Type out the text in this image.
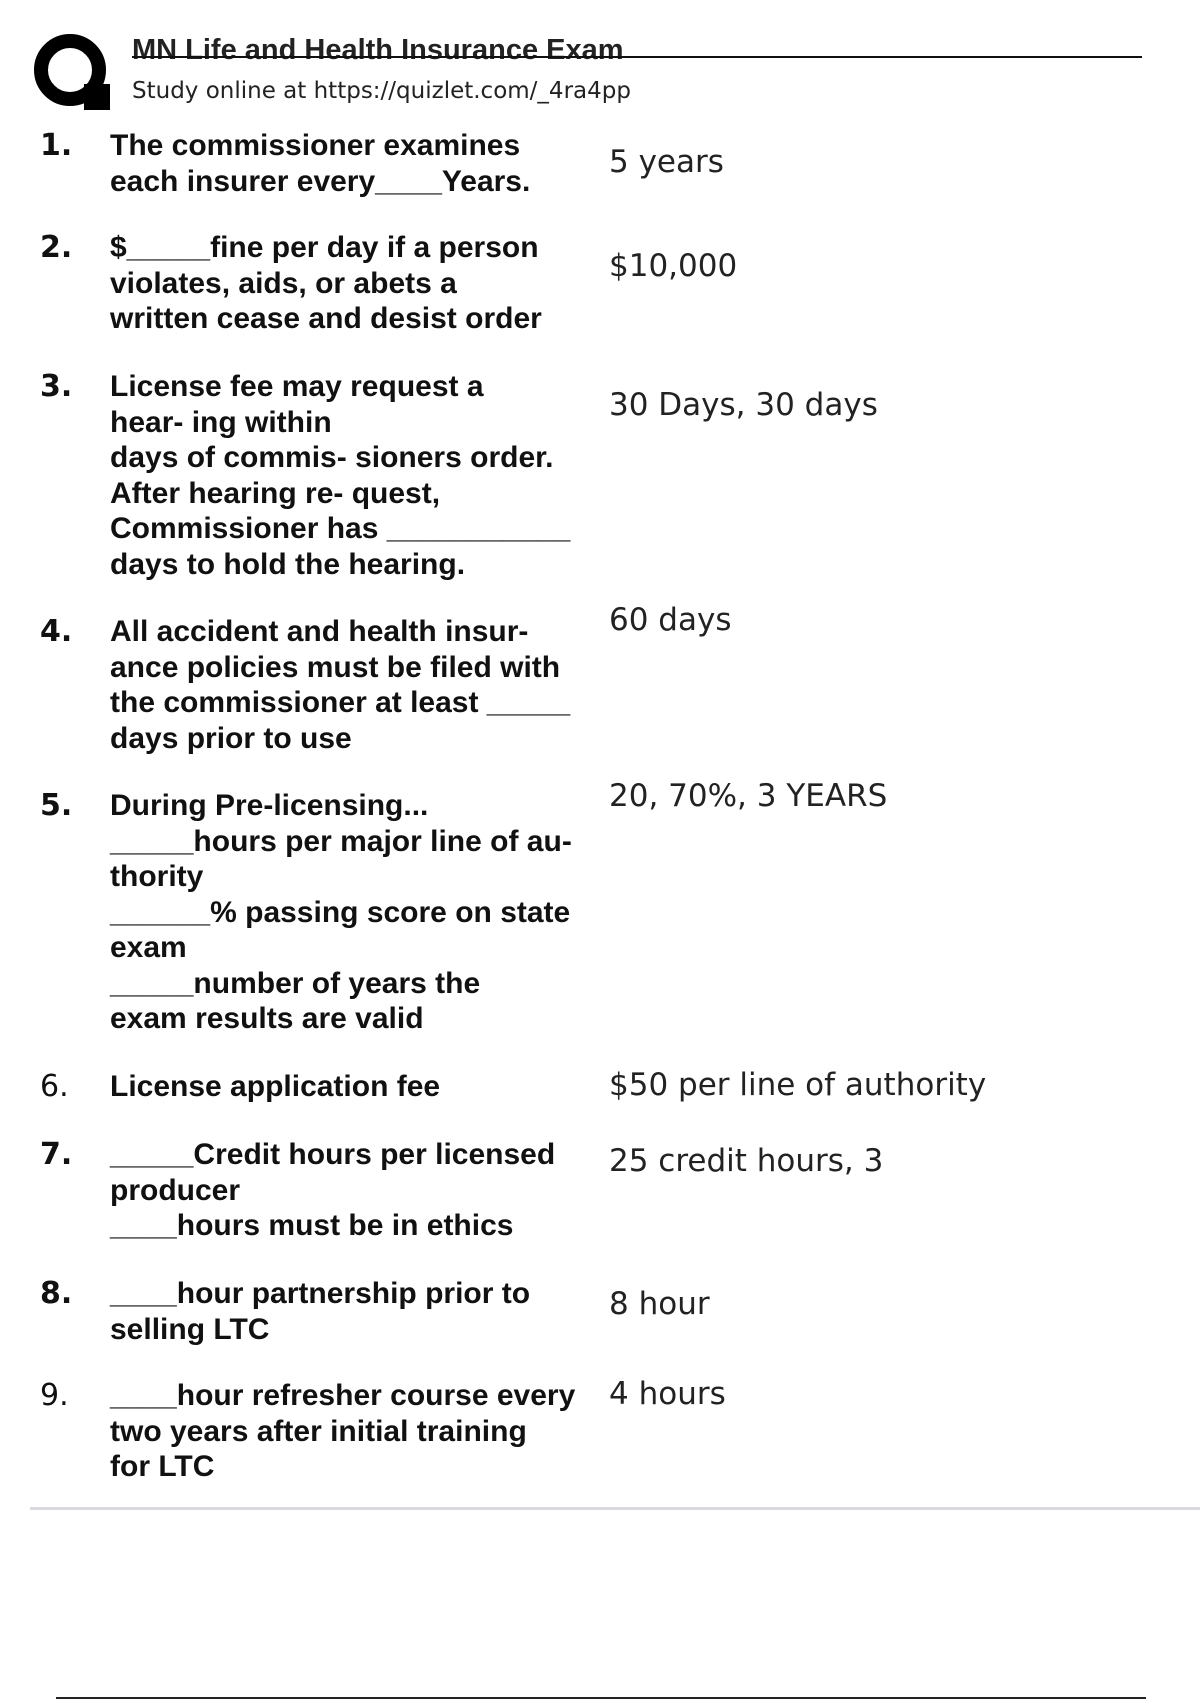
MN Life and Health Insurance Exam
Study online at https://quizlet.com/_4ra4pp
1. The commissioner examines
each insurer every____Years.
5 years
2. $_____fine per day if a person
violates, aids, or abets a
written cease and desist order
$10,000
3. License fee may request a
hear- ing within
days of commis- sioners order.
After hearing re- quest,
Commissioner has ___________
days to hold the hearing.
30 Days, 30 days
4. All accident and health insur-
ance policies must be filed with
the commissioner at least _____
days prior to use
60 days
5. During Pre-licensing...
_____hours per major line of au-
thority
______% passing score on state
exam
_____number of years the
exam results are valid
20, 70%, 3 YEARS
6. License application fee	$50 per line of authority
7. _____Credit hours per licensed
producer
____hours must be in ethics
25 credit hours, 3
8. ____hour partnership prior to
selling LTC
8 hour
9. ____hour refresher course every
two years after initial training
for LTC
4 hours
